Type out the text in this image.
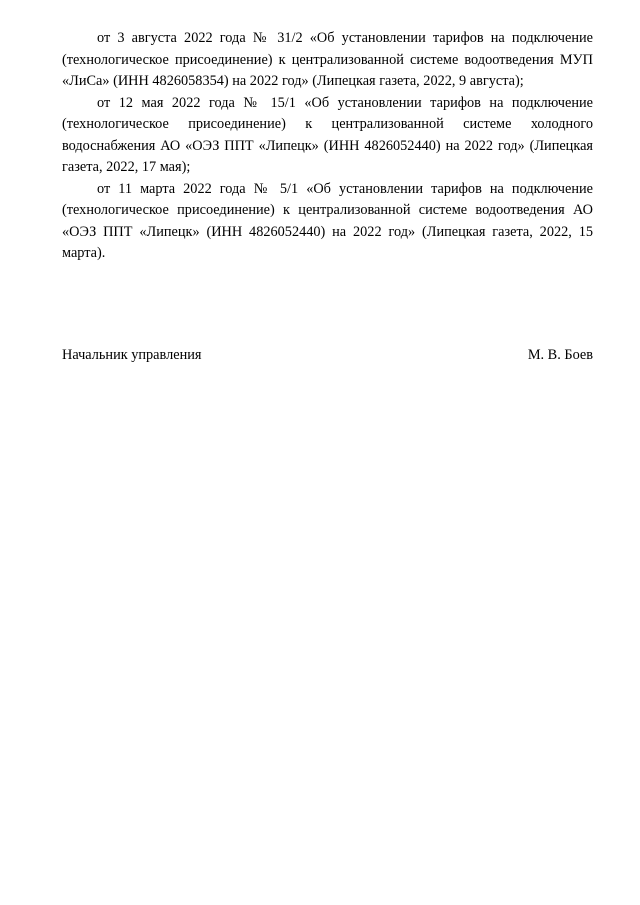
от 3 августа 2022 года № 31/2 «Об установлении тарифов на подключение (технологическое присоединение) к централизованной системе водоотведения МУП «ЛиСа» (ИНН 4826058354) на 2022 год» (Липецкая газета, 2022, 9 августа);

от 12 мая 2022 года № 15/1 «Об установлении тарифов на подключение (технологическое присоединение) к централизованной системе холодного водоснабжения АО «ОЭЗ ППТ «Липецк» (ИНН 4826052440) на 2022 год» (Липецкая газета, 2022, 17 мая);

от 11 марта 2022 года № 5/1 «Об установлении тарифов на подключение (технологическое присоединение) к централизованной системе водоотведения АО «ОЭЗ ППТ «Липецк» (ИНН 4826052440) на 2022 год» (Липецкая газета, 2022, 15 марта).

Начальник управления	М. В. Боев
